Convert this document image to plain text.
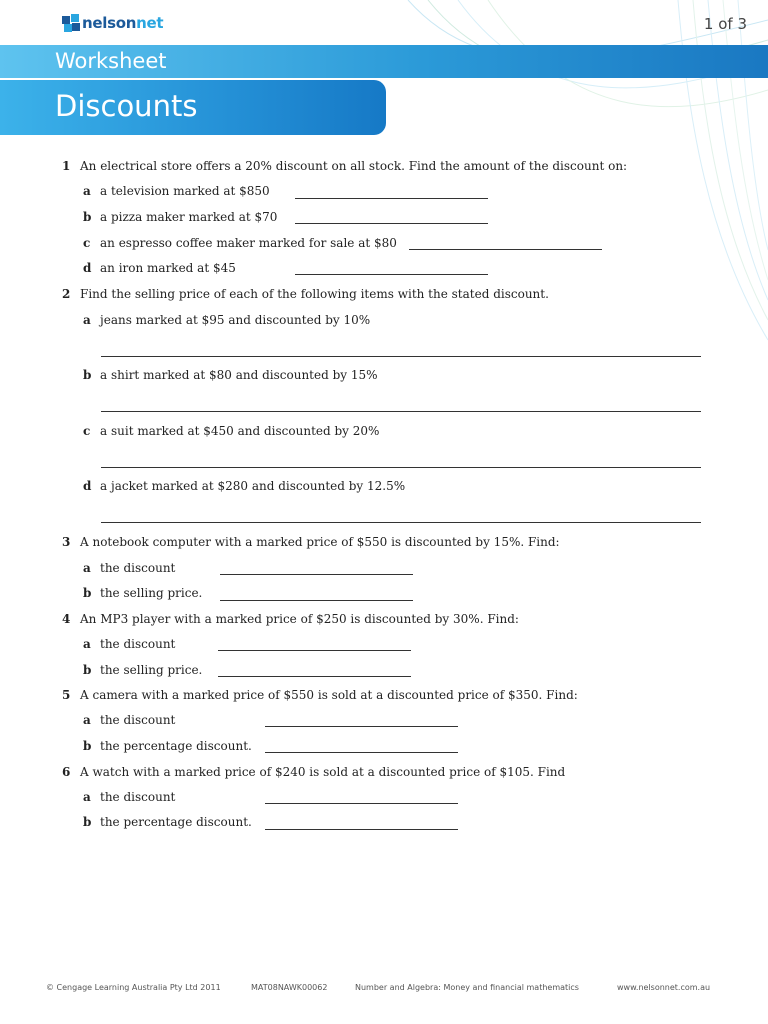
nelsonnet	1 of 3
Worksheet
Discounts
1 An electrical store offers a 20% discount on all stock. Find the amount of the discount on:
a a television marked at $850
b a pizza maker marked at $70
c an espresso coffee maker marked for sale at $80
d an iron marked at $45
2 Find the selling price of each of the following items with the stated discount.
a jeans marked at $95 and discounted by 10%
b a shirt marked at $80 and discounted by 15%
c a suit marked at $450 and discounted by 20%
d a jacket marked at $280 and discounted by 12.5%
3 A notebook computer with a marked price of $550 is discounted by 15%. Find:
a the discount
b the selling price.
4 An MP3 player with a marked price of $250 is discounted by 30%. Find:
a the discount
b the selling price.
5 A camera with a marked price of $550 is sold at a discounted price of $350. Find:
a the discount
b the percentage discount.
6 A watch with a marked price of $240 is sold at a discounted price of $105. Find
a the discount
b the percentage discount.
© Cengage Learning Australia Pty Ltd 2011	MAT08NAWK00062	Number and Algebra: Money and financial mathematics	www.nelsonnet.com.au
